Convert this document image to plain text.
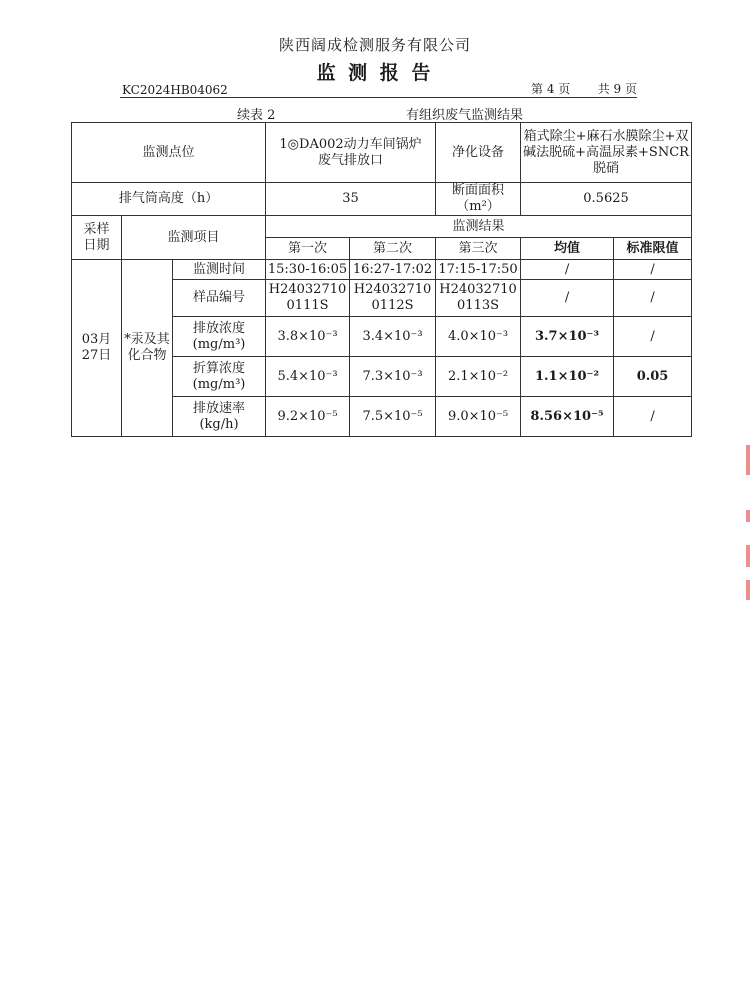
陕西阔成检测服务有限公司
监 测 报 告
KC2024HB04062	第 4 页 共 9 页
续表 2	有组织废气监测结果
监测点位			1◎DA002动力车间锅炉废气排放口		净化设备	箱式除尘+麻石水膜除尘+双碱法脱硫+高温尿素+SNCR脱硝	
排气筒高度（h）			35		断面面积（m²）	0.5625	
采样日期	监测项目		监测结果				
			第一次	第二次	第三次	均值	标准限值
03月27日	*汞及其化合物	监测时间	15:30-16:05	16:27-17:02	17:15-17:50	/	/
		样品编号	H240327100111S	H240327100112S	H240327100113S	/	/
		排放浓度(mg/m³)	3.8×10⁻³	3.4×10⁻³	4.0×10⁻³	3.7×10⁻³	/
		折算浓度(mg/m³)	5.4×10⁻³	7.3×10⁻³	2.1×10⁻²	1.1×10⁻²	0.05
		排放速率(kg/h)	9.2×10⁻⁵	7.5×10⁻⁵	9.0×10⁻⁵	8.56×10⁻⁵	/
